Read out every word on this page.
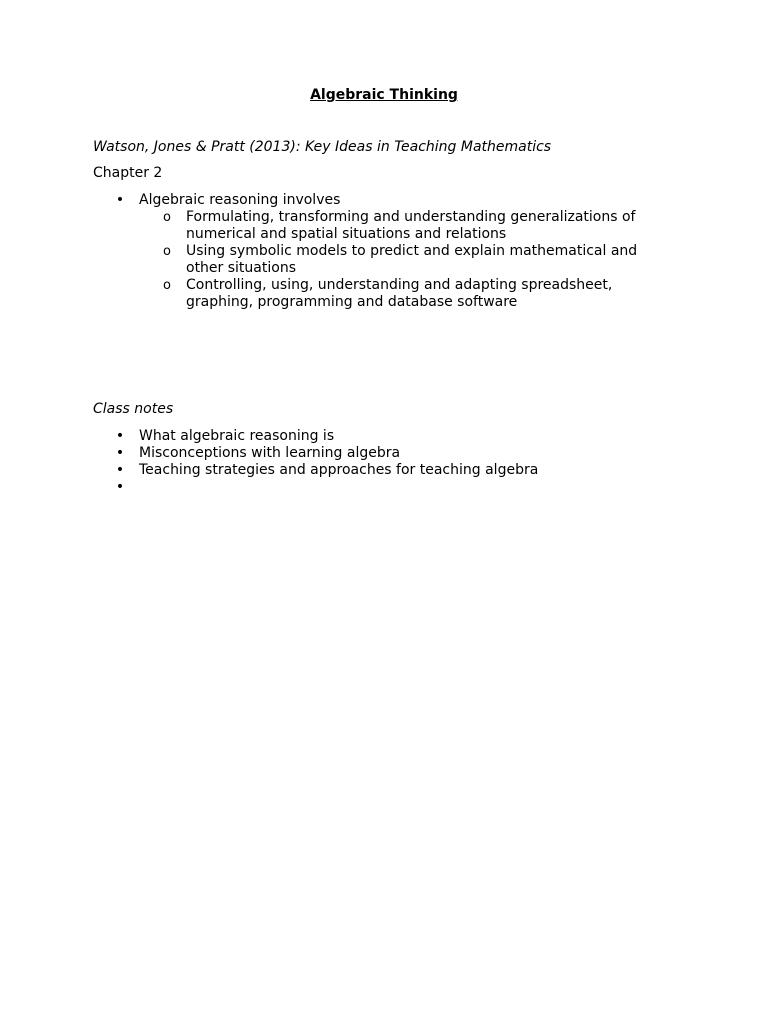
Algebraic Thinking
Watson, Jones & Pratt (2013): Key Ideas in Teaching Mathematics
Chapter 2
• Algebraic reasoning involves
o Formulating, transforming and understanding generalizations of numerical and spatial situations and relations
o Using symbolic models to predict and explain mathematical and other situations
o Controlling, using, understanding and adapting spreadsheet, graphing, programming and database software
Class notes
• What algebraic reasoning is
• Misconceptions with learning algebra
• Teaching strategies and approaches for teaching algebra
•
